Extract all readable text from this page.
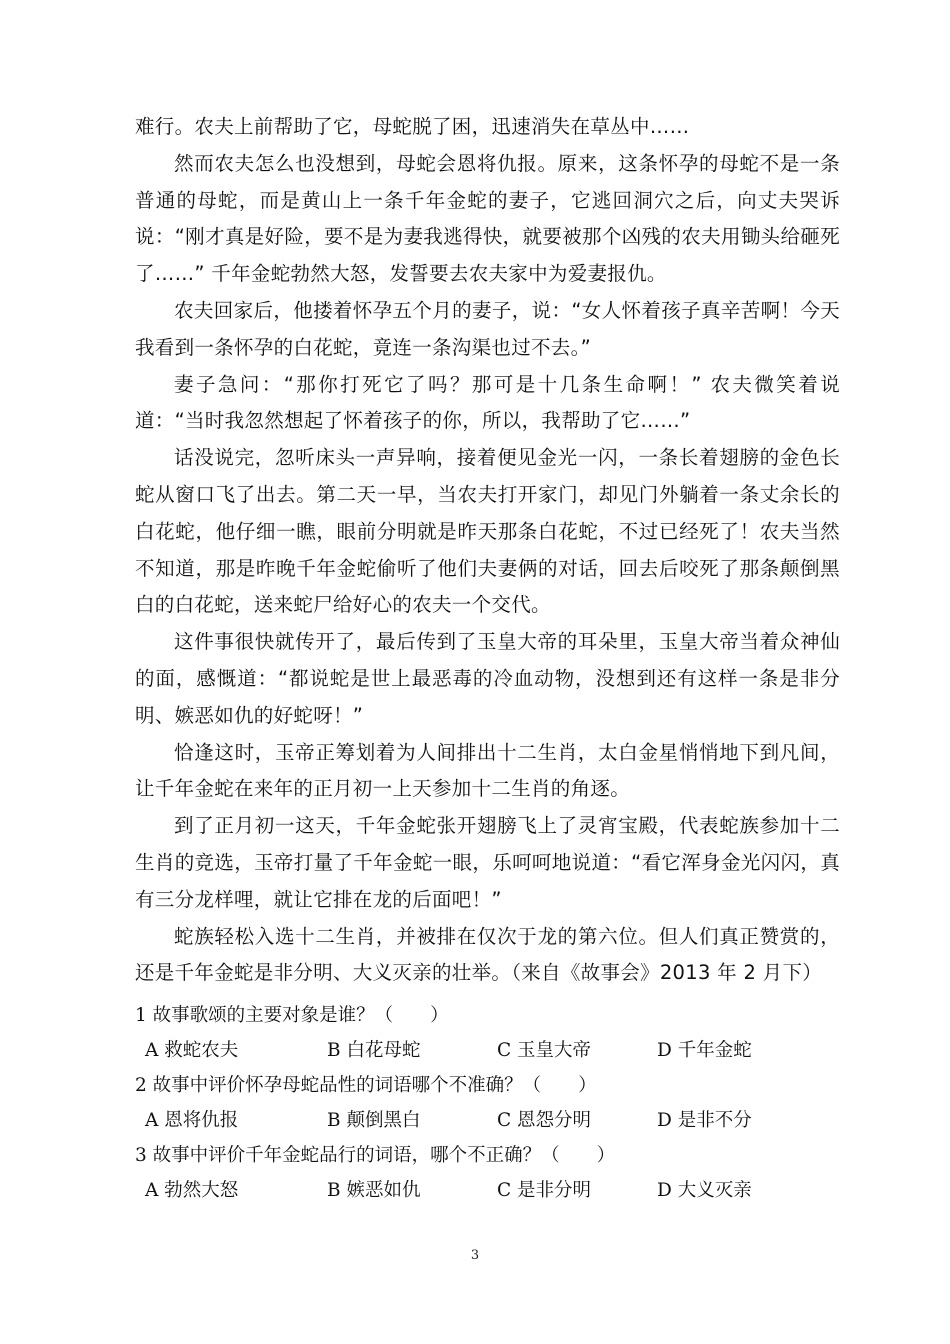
难行。农夫上前帮助了它，母蛇脱了困，迅速消失在草丛中……

然而农夫怎么也没想到，母蛇会恩将仇报。原来，这条怀孕的母蛇不是一条普通的母蛇，而是黄山上一条千年金蛇的妻子，它逃回洞穴之后，向丈夫哭诉说：“刚才真是好险，要不是为妻我逃得快，就要被那个凶残的农夫用锄头给砸死了……” 千年金蛇勃然大怒，发誓要去农夫家中为爱妻报仇。

农夫回家后，他搂着怀孕五个月的妻子，说：“女人怀着孩子真辛苦啊！今天我看到一条怀孕的白花蛇，竟连一条沟渠也过不去。”

妻子急问：“那你打死它了吗？那可是十几条生命啊！” 农夫微笑着说道：“当时我忽然想起了怀着孩子的你，所以，我帮助了它……”

话没说完，忽听床头一声异响，接着便见金光一闪，一条长着翅膀的金色长蛇从窗口飞了出去。第二天一早，当农夫打开家门，却见门外躺着一条丈余长的白花蛇，他仔细一瞧，眼前分明就是昨天那条白花蛇，不过已经死了！农夫当然不知道，那是昨晚千年金蛇偷听了他们夫妻俩的对话，回去后咬死了那条颠倒黑白的白花蛇，送来蛇尸给好心的农夫一个交代。

这件事很快就传开了，最后传到了玉皇大帝的耳朵里，玉皇大帝当着众神仙的面，感慨道：“都说蛇是世上最恶毒的冷血动物，没想到还有这样一条是非分明、嫉恶如仇的好蛇呀！”

恰逢这时，玉帝正筹划着为人间排出十二生肖，太白金星悄悄地下到凡间，让千年金蛇在来年的正月初一上天参加十二生肖的角逐。

到了正月初一这天，千年金蛇张开翅膀飞上了灵宵宝殿，代表蛇族参加十二生肖的竞选，玉帝打量了千年金蛇一眼，乐呵呵地说道：“看它浑身金光闪闪，真有三分龙样哩，就让它排在龙的后面吧！”

蛇族轻松入选十二生肖，并被排在仅次于龙的第六位。但人们真正赞赏的，还是千年金蛇是非分明、大义灭亲的壮举。（来自《故事会》2013 年 2 月下）

1 故事歌颂的主要对象是谁？（　　）
A 救蛇农夫	B 白花母蛇	C 玉皇大帝	D 千年金蛇
2 故事中评价怀孕母蛇品性的词语哪个不准确？（　　）
A 恩将仇报	B 颠倒黑白	C 恩怨分明	D 是非不分
3 故事中评价千年金蛇品行的词语，哪个不正确？（　　）
A 勃然大怒	B 嫉恶如仇	C 是非分明	D 大义灭亲
3
